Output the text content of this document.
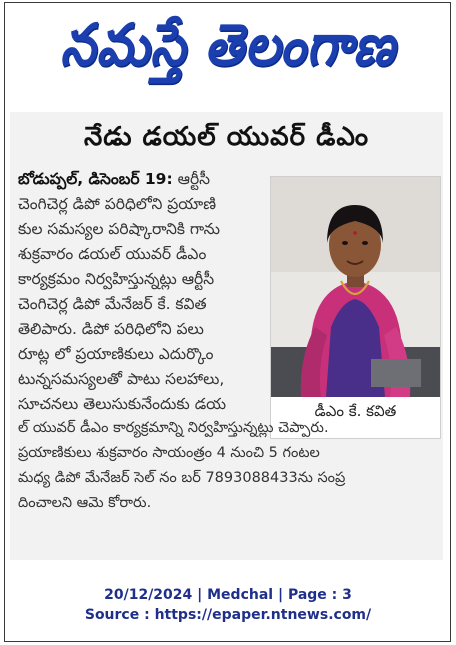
నమస్తే తెలంగాణ
నేడు డయల్ యువర్ డీఎం
డీఎం కే. కవిత
బోడుప్పల్, డిసెంబర్ 19: ఆర్టీసీ
చెంగిచెర్ల డిపో పరిధిలోని ప్రయాణి
కుల సమస్యల పరిష్కారానికి గాను
శుక్రవారం డయల్ యువర్ డీఎం
కార్యక్రమం నిర్వహిస్తున్నట్లు ఆర్టీసీ
చెంగిచెర్ల డిపో మేనేజర్ కే. కవిత
తెలిపారు. డిపో పరిధిలోని పలు
రూట్ల లో ప్రయాణికులు ఎదుర్కొం
టున్నసమస్యలతో పాటు సలహాలు,
సూచనలు తెలుసుకునేందుకు డయ
ల్ యువర్ డీఎం కార్యక్రమాన్ని నిర్వహిస్తున్నట్లు చెప్పారు.
ప్రయాణికులు శుక్రవారం సాయంత్రం 4 నుంచి 5 గంటల
మధ్య డిపో మేనేజర్ సెల్ నం బర్ 7893088433ను సంప్ర
దించాలని ఆమె కోరారు.
20/12/2024 | Medchal | Page : 3
Source : https://epaper.ntnews.com/
